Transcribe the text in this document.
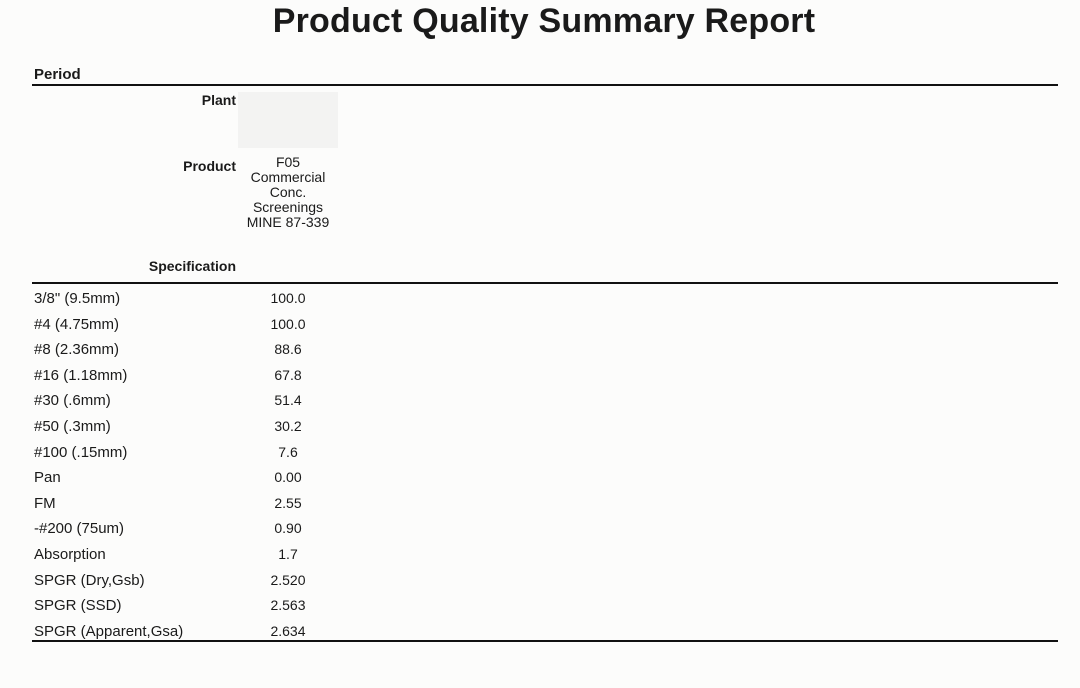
Product Quality Summary Report
Period
Plant
Product	F05
Commercial
Conc.
Screenings
MINE 87-339
Specification
3/8" (9.5mm)	100.0
#4 (4.75mm)	100.0
#8 (2.36mm)	88.6
#16 (1.18mm)	67.8
#30 (.6mm)	51.4
#50 (.3mm)	30.2
#100 (.15mm)	7.6
Pan	0.00
FM	2.55
-#200 (75um)	0.90
Absorption	1.7
SPGR (Dry,Gsb)	2.520
SPGR (SSD)	2.563
SPGR (Apparent,Gsa)	2.634
